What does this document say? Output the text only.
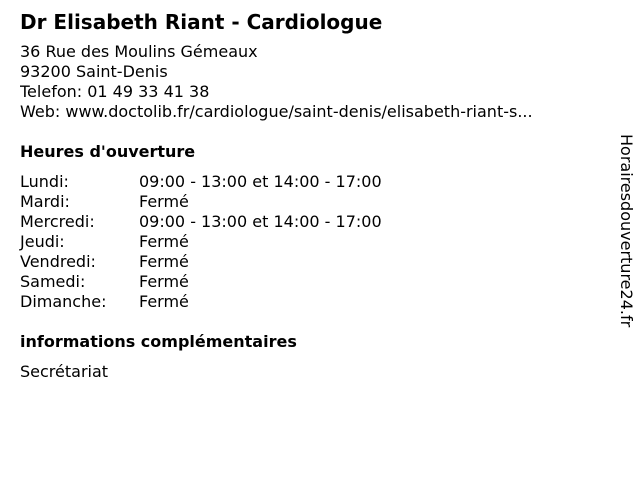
Dr Elisabeth Riant - Cardiologue
36 Rue des Moulins Gémeaux
93200 Saint-Denis
Telefon: 01 49 33 41 38
Web: www.doctolib.fr/cardiologue/saint-denis/elisabeth-riant-s...
Heures d'ouverture
Lundi:	09:00 - 13:00 et 14:00 - 17:00
Mardi:	Fermé
Mercredi:	09:00 - 13:00 et 14:00 - 17:00
Jeudi:	Fermé
Vendredi:	Fermé
Samedi:	Fermé
Dimanche:	Fermé
informations complémentaires
Secrétariat
Horairesdouverture24.fr
